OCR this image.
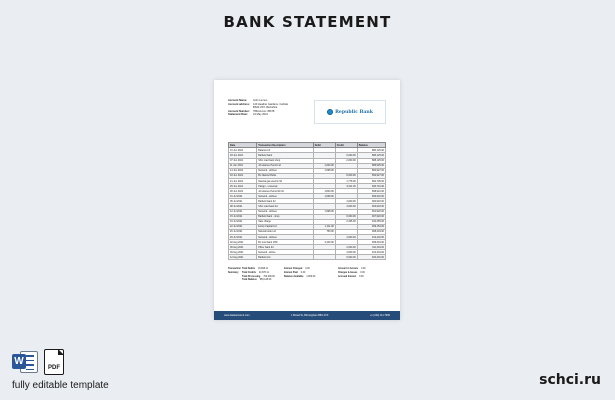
BANK STATEMENT
Account Name:	John Lemon
Account address:	123 Heather Gardens, Carlisle
BS23 2XX, Berkshire
Account Number:	789xxxxxxx 45678
Statement Date:	31 May 2021
Republic Bank
Date	Transaction Description	Debit	Credit	Balance
01 Jun 2021	Balance b/f			880,125.00
03 Jun 2021	Barfield bank		6,000.00	886,125.00
07 Jun 2021	Shin road bank shop		2,000.00	888,125.00
11 Jun 2021	Jd reliance Petrol Ltd	1,200.00		886,925.00
14 Jun 2021	Network - airlines	1,998.00		884,927.00
18 Jun 2021	Bv Natural Parks		8,000.00	892,927.00
21 Jun 2021	Natural gas electric ltd		1,778.00	894,705.00
25 Jun 2021	Pasign - universal		6,011.00	900,716.00
28 Jun 2021	Jd reliance Petrol ltd Nd	1,800.00		898,916.00
01 Jul 2021	Network - airlines	1,998.00		896,918.00
05 Jul 2021	Barfield bank ltd		4,000.00	900,918.00
08 Jul 2021	Shin road bank ltd		3,000.00	903,918.00
12 Jul 2021	Network - airlines	1,998.00		901,920.00
15 Jul 2021	Barfield bank - shop		6,000.00	907,920.00
19 Jul 2021	Sale charge		2,345.00	910,265.00
22 Jul 2021	Ecorp Capital Ltd	1,111.00		909,154.00
26 Jul 2021	Natural bank Ltd	750.00		908,404.00
29 Jul 2021	Network - airlines		4,000.00	912,404.00
02 Aug 2021	Bv trust bank 18%	3,100.00		909,304.00
06 Aug 2021	Pfizer bank ltd		2,000.00	911,304.00
09 Aug 2021	Network - airline		3,000.00	914,304.00
12 Aug 2021	Barfield Ltd		6,000.00	920,304.00
Transaction
Summary
Total Debits 16,868.11
Total Credits 24,876.11
Total Processing 700,000.00
Total Balance 950,128.00
Interest Charged 0.00
Interest Paid 0.00
Balance Available 1,800.00
Amount in Arrears 0.00
Charges & Issues 0.00
Accrued Interest 0.00
www.bankaccount.com	1 Broad St, Birmingham BB1 2XX	+1 (244) 111 7990
W
PDF
fully editable template	schci.ru
